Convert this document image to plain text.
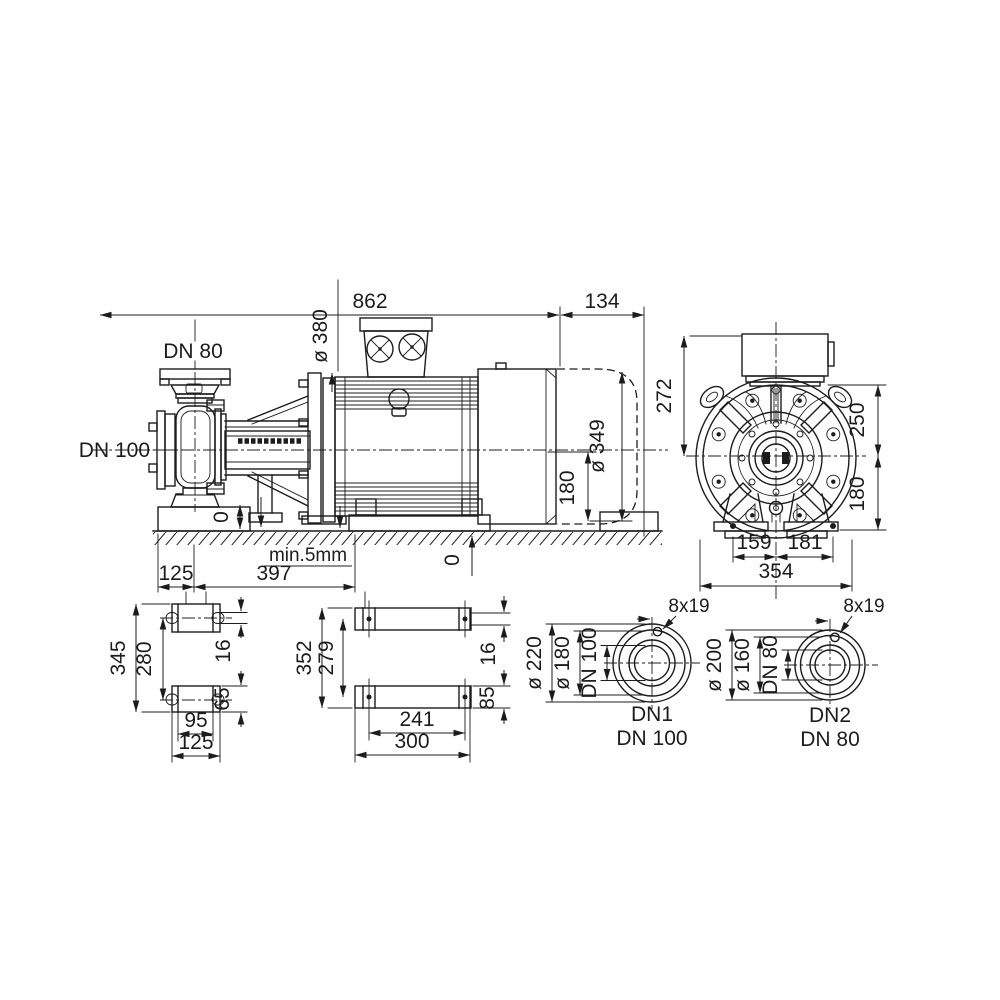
862	134
DN 80
DN 100
ø 380
ø 349
180
min.5mm
0
0
125	397
272
250
180
159 181
354
345 280	16
65
95
125
352 279	16
85
241
300
8x19
ø 220 ø 180 DN 100
DN1
DN 100
8x19
ø 200 ø 160 DN 80
DN2
DN 80
